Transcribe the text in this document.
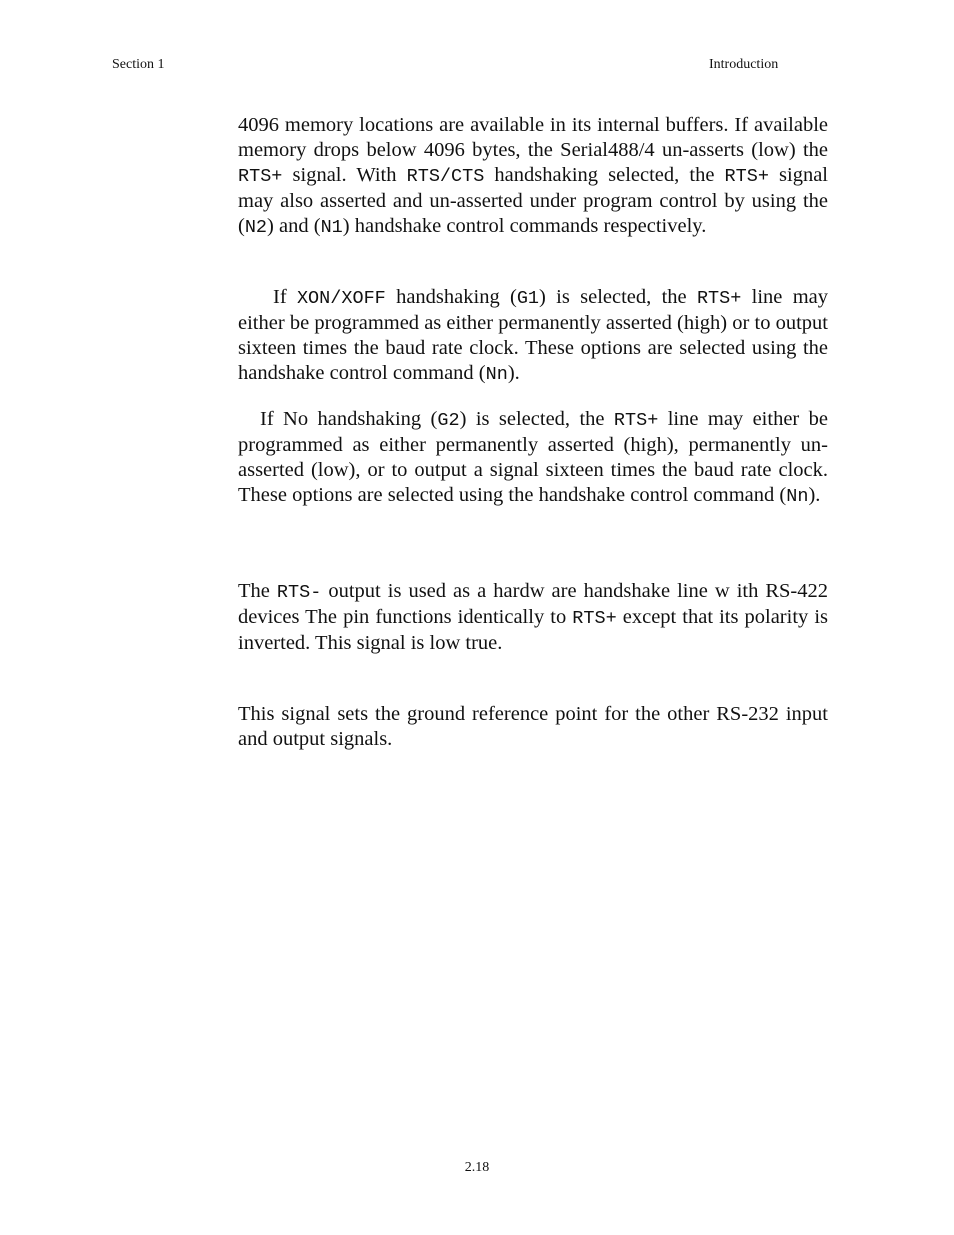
Section 1	Introduction

4096 memory locations are available in its internal buffers. If available memory drops below 4096 bytes, the Serial488/4 un-asserts (low) the RTS+ signal. With RTS/CTS handshaking selected, the RTS+ signal may also asserted and un-asserted under program control by using the (N2) and (N1) handshake control commands respectively.

If XON/XOFF handshaking (G1) is selected, the RTS+ line may either be programmed as either permanently asserted (high) or to output sixteen times the baud rate clock. These options are selected using the handshake control command (Nn).

If No handshaking (G2) is selected, the RTS+ line may either be programmed as either permanently asserted (high), permanently un-asserted (low), or to output a signal sixteen times the baud rate clock. These options are selected using the handshake control command (Nn).

The RTS- output is used as a hardw are handshake line w ith RS-422 devices The pin functions identically to RTS+ except that its polarity is inverted. This signal is low true.

This signal sets the ground reference point for the other RS-232 input and output signals.

2.18
